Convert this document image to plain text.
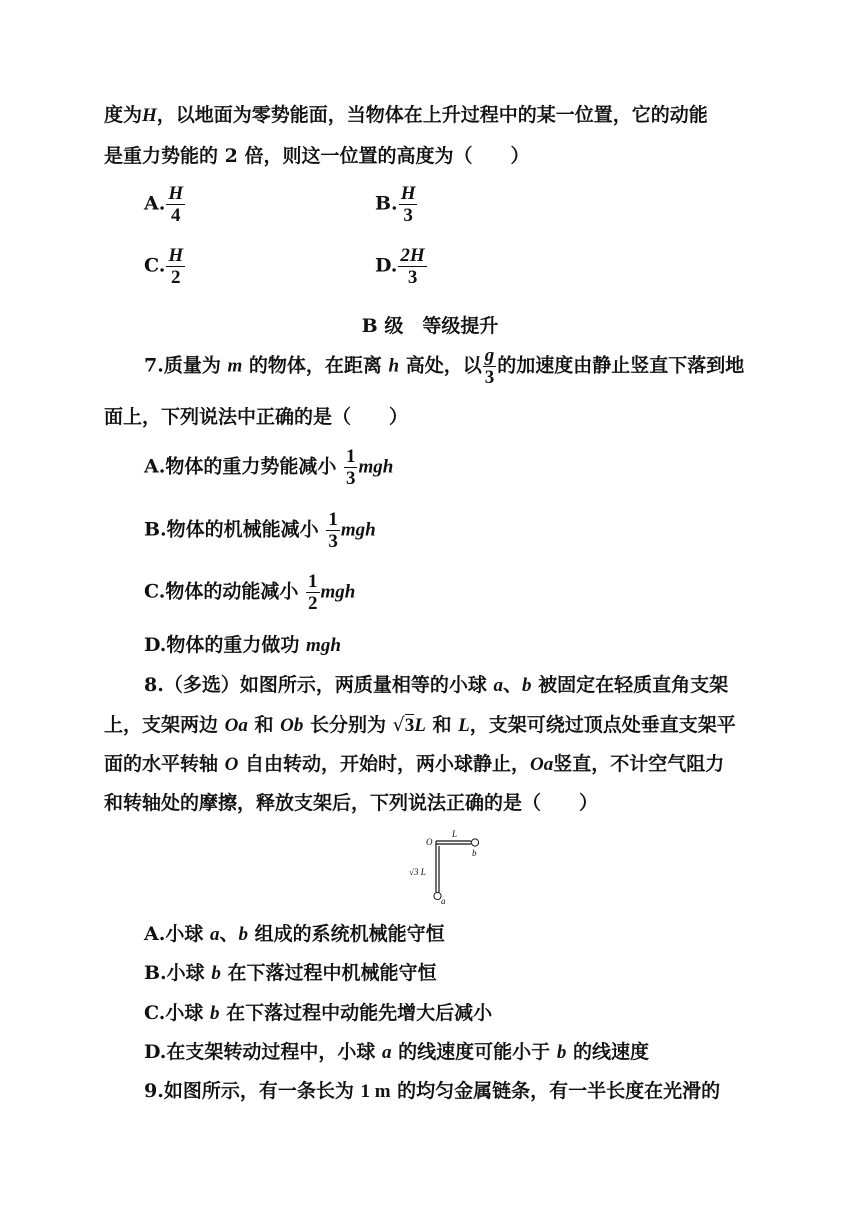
度为H，以地面为零势能面，当物体在上升过程中的某一位置，它的动能
是重力势能的 2 倍，则这一位置的高度为（　　）
A. $\frac{H}{4}$	B. $\frac{H}{3}$
C. $\frac{H}{2}$	D. $\frac{2H}{3}$
B 级　等级提升
7.质量为 m 的物体，在距离 h 高处，以 $\frac{g}{3}$ 的加速度由静止竖直下落到地
面上，下列说法中正确的是（　　）
A.物体的重力势能减小 $\frac{1}{3}$ mgh
B.物体的机械能减小 $\frac{1}{3}$ mgh
C.物体的动能减小 $\frac{1}{2}$ mgh
D.物体的重力做功 mgh
8.（多选）如图所示，两质量相等的小球 a、b 被固定在轻质直角支架
上，支架两边 Oa 和 Ob 长分别为 √3L 和 L，支架可绕过顶点处垂直支架平
面的水平转轴 O 自由转动，开始时，两小球静止，Oa竖直，不计空气阻力
和转轴处的摩擦，释放支架后，下列说法正确的是（　　）
O
L
b
√3 L
a
A.小球 a、b 组成的系统机械能守恒
B.小球 b 在下落过程中机械能守恒
C.小球 b 在下落过程中动能先增大后减小
D.在支架转动过程中，小球 a 的线速度可能小于 b 的线速度
9.如图所示，有一条长为 1 m 的均匀金属链条，有一半长度在光滑的
